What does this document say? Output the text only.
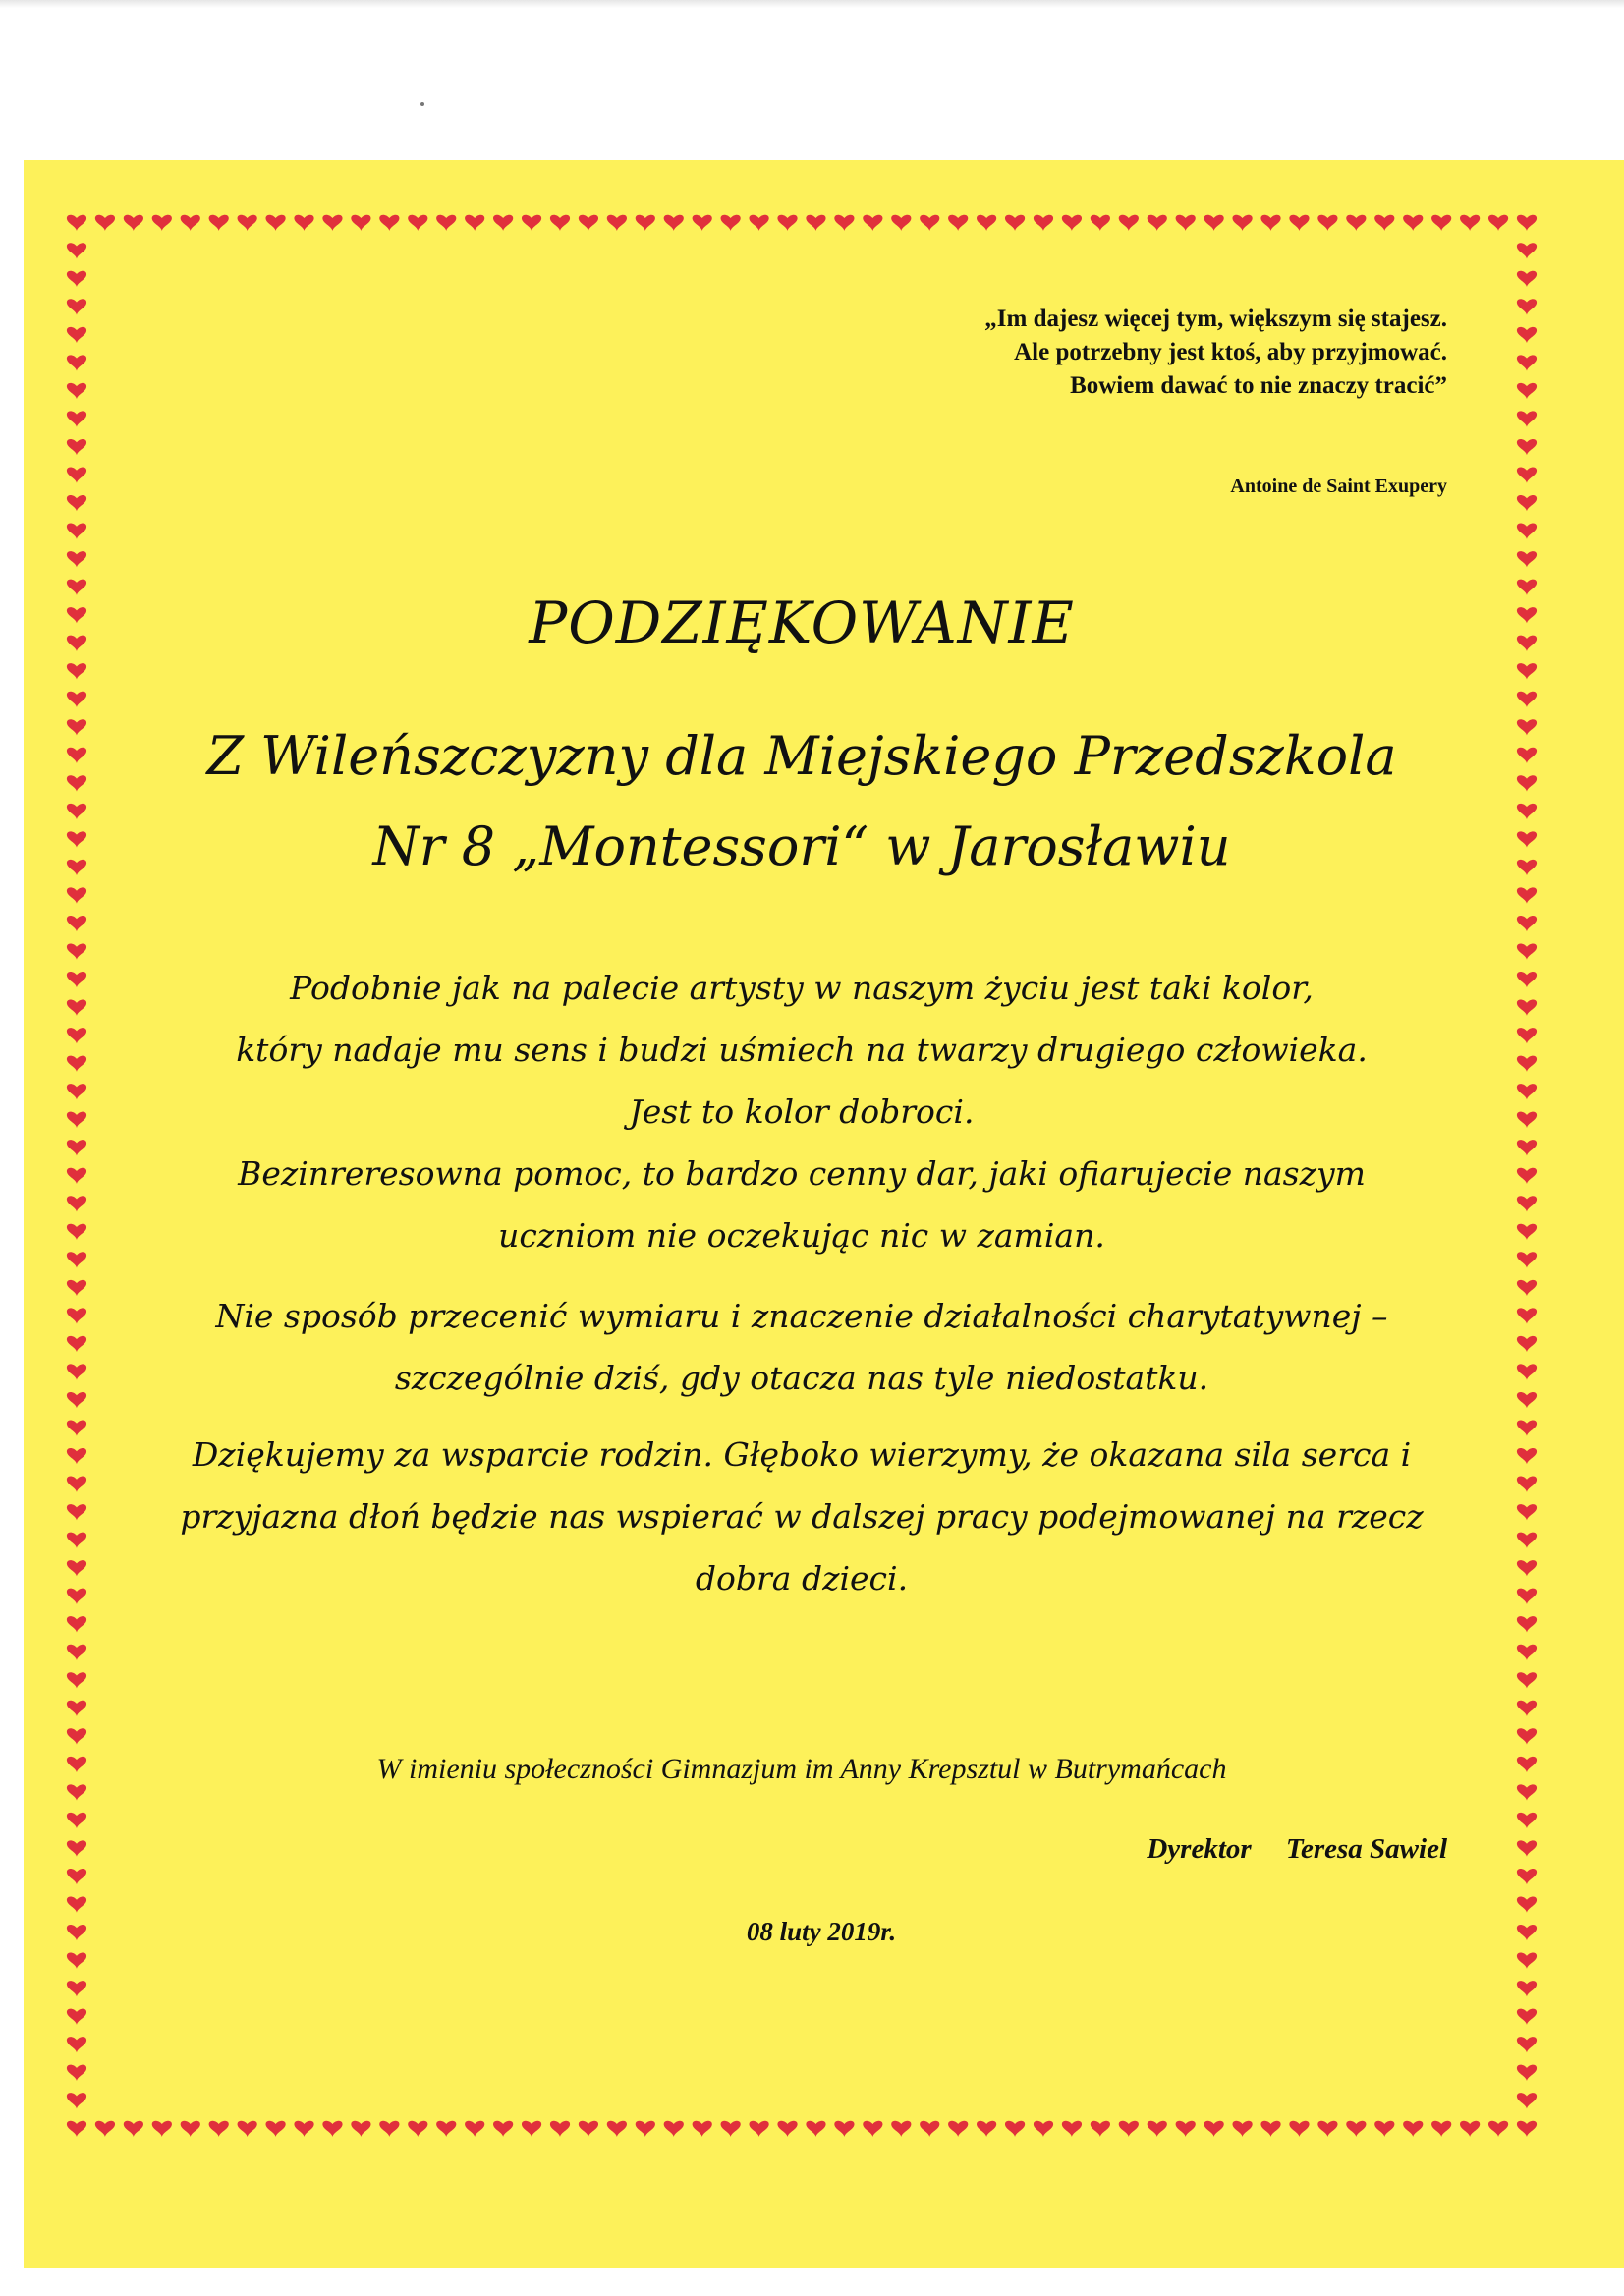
„Im dajesz więcej tym, większym się stajesz.
Ale potrzebny jest ktoś, aby przyjmować.
Bowiem dawać to nie znaczy tracić”
Antoine de Saint Exupery
PODZIĘKOWANIE
Z Wileńszczyzny dla Miejskiego Przedszkola
Nr 8 „Montessori“ w Jarosławiu
Podobnie jak na palecie artysty w naszym życiu jest taki kolor,
który nadaje mu sens i budzi uśmiech na twarzy drugiego człowieka.
Jest to kolor dobroci.
Bezinreresowna pomoc, to bardzo cenny dar, jaki ofiarujecie naszym
uczniom nie oczekując nic w zamian.
Nie sposób przecenić wymiaru i znaczenie działalności charytatywnej –
szczególnie dziś, gdy otacza nas tyle niedostatku.
Dziękujemy za wsparcie rodzin. Głęboko wierzymy, że okazana sila serca i
przyjazna dłoń będzie nas wspierać w dalszej pracy podejmowanej na rzecz
dobra dzieci.
W imieniu społeczności Gimnazjum im Anny Krepsztul w Butrymańcach
Dyrektor Teresa Sawiel
08 luty 2019r.
